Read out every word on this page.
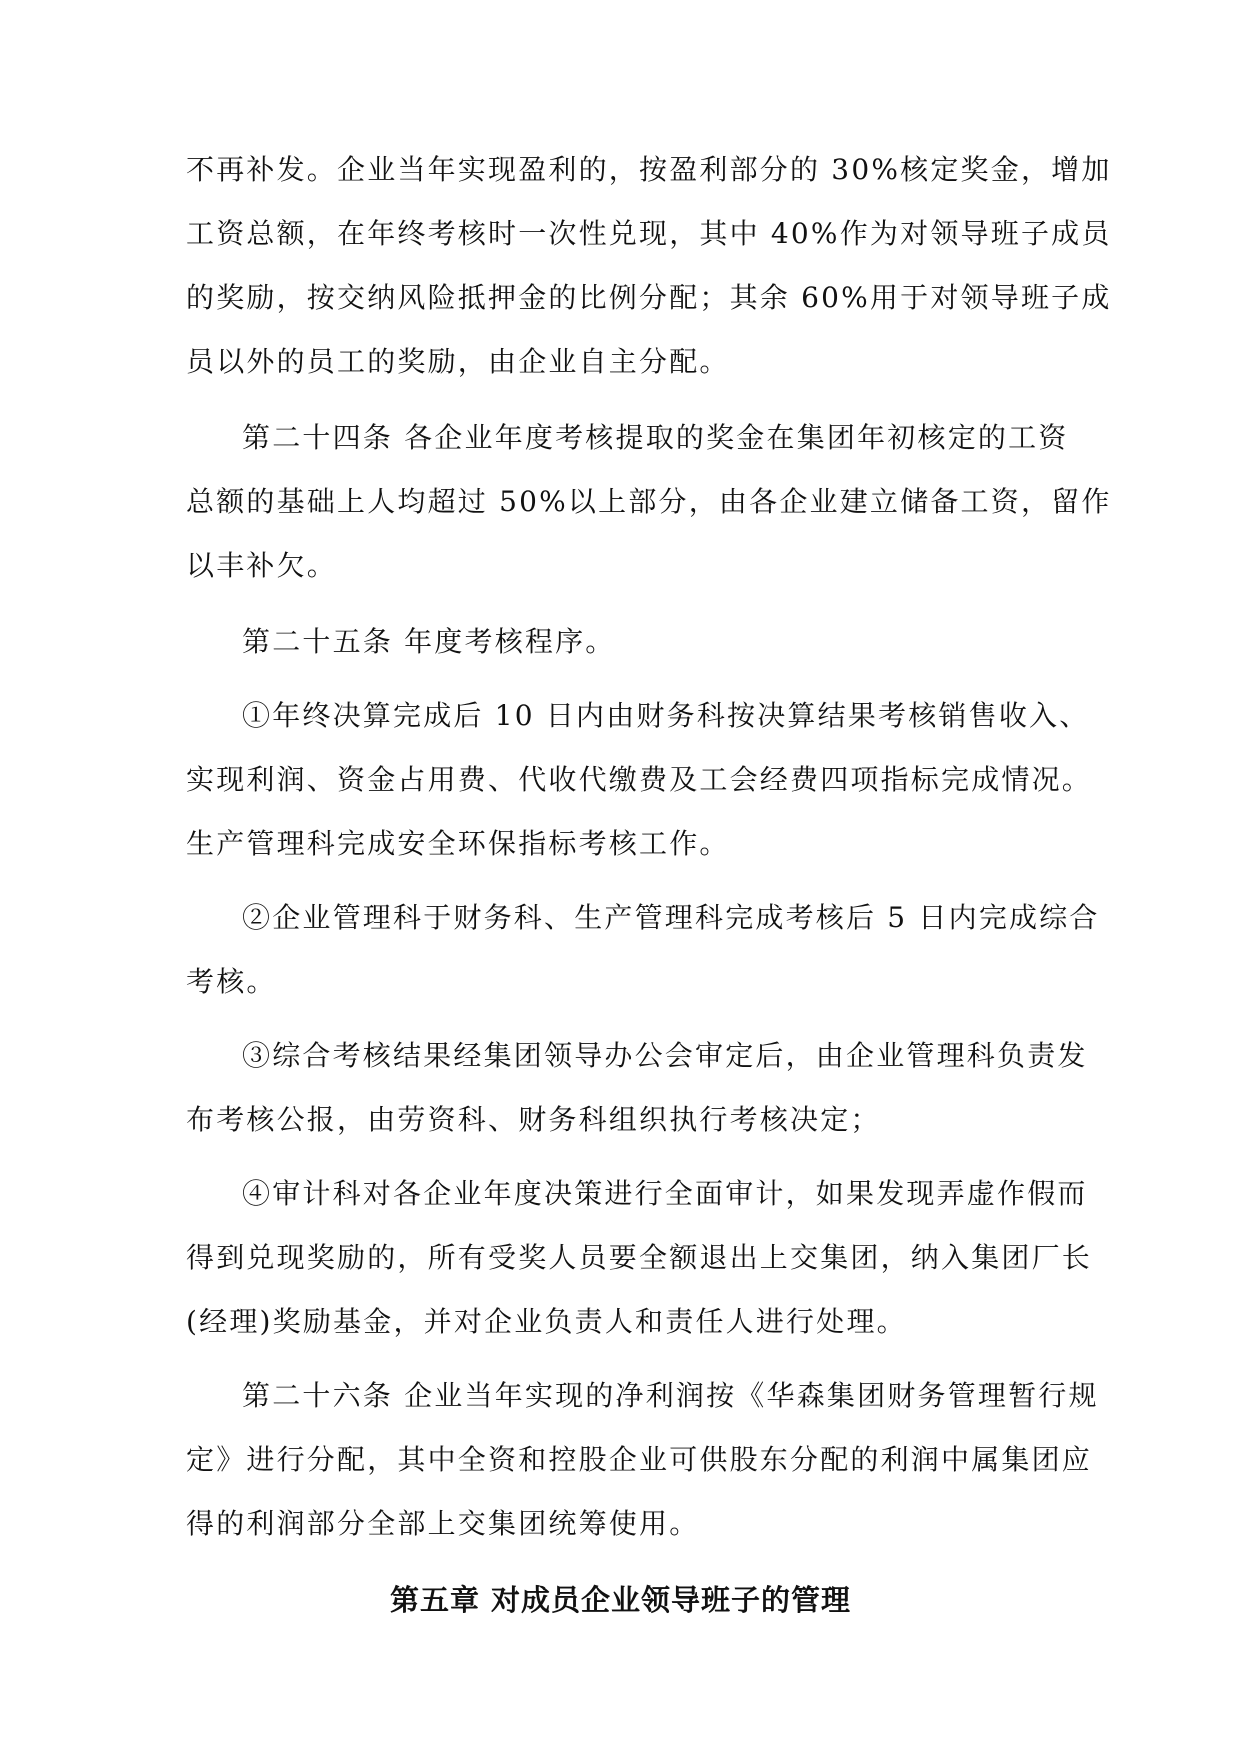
不再补发。企业当年实现盈利的，按盈利部分的 30%核定奖金，增加

工资总额，在年终考核时一次性兑现，其中 40%作为对领导班子成员

的奖励，按交纳风险抵押金的比例分配；其余 60%用于对领导班子成

员以外的员工的奖励，由企业自主分配。

第二十四条 各企业年度考核提取的奖金在集团年初核定的工资

总额的基础上人均超过 50%以上部分，由各企业建立储备工资，留作

以丰补欠。

第二十五条 年度考核程序。

①年终决算完成后 10 日内由财务科按决算结果考核销售收入、

实现利润、资金占用费、代收代缴费及工会经费四项指标完成情况。

生产管理科完成安全环保指标考核工作。

②企业管理科于财务科、生产管理科完成考核后 5 日内完成综合

考核。

③综合考核结果经集团领导办公会审定后，由企业管理科负责发

布考核公报，由劳资科、财务科组织执行考核决定；

④审计科对各企业年度决策进行全面审计，如果发现弄虚作假而

得到兑现奖励的，所有受奖人员要全额退出上交集团，纳入集团厂长

(经理)奖励基金，并对企业负责人和责任人进行处理。

第二十六条 企业当年实现的净利润按《华森集团财务管理暂行规

定》进行分配，其中全资和控股企业可供股东分配的利润中属集团应

得的利润部分全部上交集团统筹使用。

第五章 对成员企业领导班子的管理
